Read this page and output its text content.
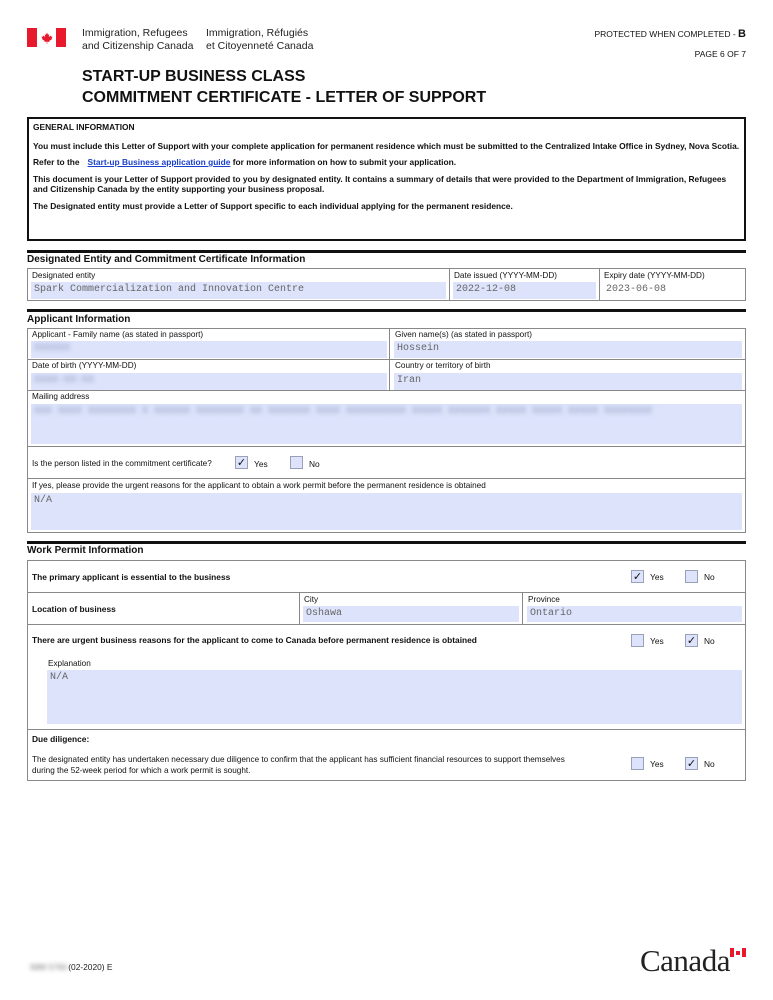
Immigration, Refugees
and Citizenship Canada
Immigration, Réfugiés
et Citoyenneté Canada
PROTECTED WHEN COMPLETED - B
PAGE 6 OF 7
START-UP BUSINESS CLASS
COMMITMENT CERTIFICATE - LETTER OF SUPPORT

GENERAL INFORMATION

You must include this Letter of Support with your complete application for permanent residence which must be submitted to the Centralized Intake Office in Sydney, Nova Scotia.

Refer to the Start-up Business application guide for more information on how to submit your application.

This document is your Letter of Support provided to you by designated entity. It contains a summary of details that were provided to the Department of Immigration, Refugees and Citizenship Canada by the entity supporting your business proposal.

The Designated entity must provide a Letter of Support specific to each individual applying for the permanent residence.

Designated Entity and Commitment Certificate Information
Designated entity
Spark Commercialization and Innovation Centre
Date issued (YYYY-MM-DD)
2022-12-08
Expiry date (YYYY-MM-DD)
2023-06-08
Applicant Information
Applicant - Family name (as stated in passport)
XXXXXX
Given name(s) (as stated in passport)
Hossein
Date of birth (YYYY-MM-DD)
XXXX-XX-XX
Country or territory of birth
Iran
Mailing address
XXX XXXX XXXXXXXX X XXXXXX XXXXXXXX XX XXXXXXX XXXX XXXXXXXXXX XXXXX XXXXXXX XXXXX XXXXX XXXXX XXXXXXXX
Is the person listed in the commitment certificate? ✓ Yes	No
If yes, please provide the urgent reasons for the applicant to obtain a work permit before the permanent residence is obtained
N/A
Work Permit Information
The primary applicant is essential to the business	✓ Yes	No
Location of business
City
Oshawa
Province
Ontario
There are urgent business reasons for the applicant to come to Canada before permanent residence is obtained	Yes ✓ No
Explanation
N/A
Due diligence:
The designated entity has undertaken necessary due diligence to confirm that the applicant has sufficient financial resources to support themselves
during the 52-week period for which a work permit is sought.
Yes ✓ No
IMM 5760(02-2020) E	Canada
